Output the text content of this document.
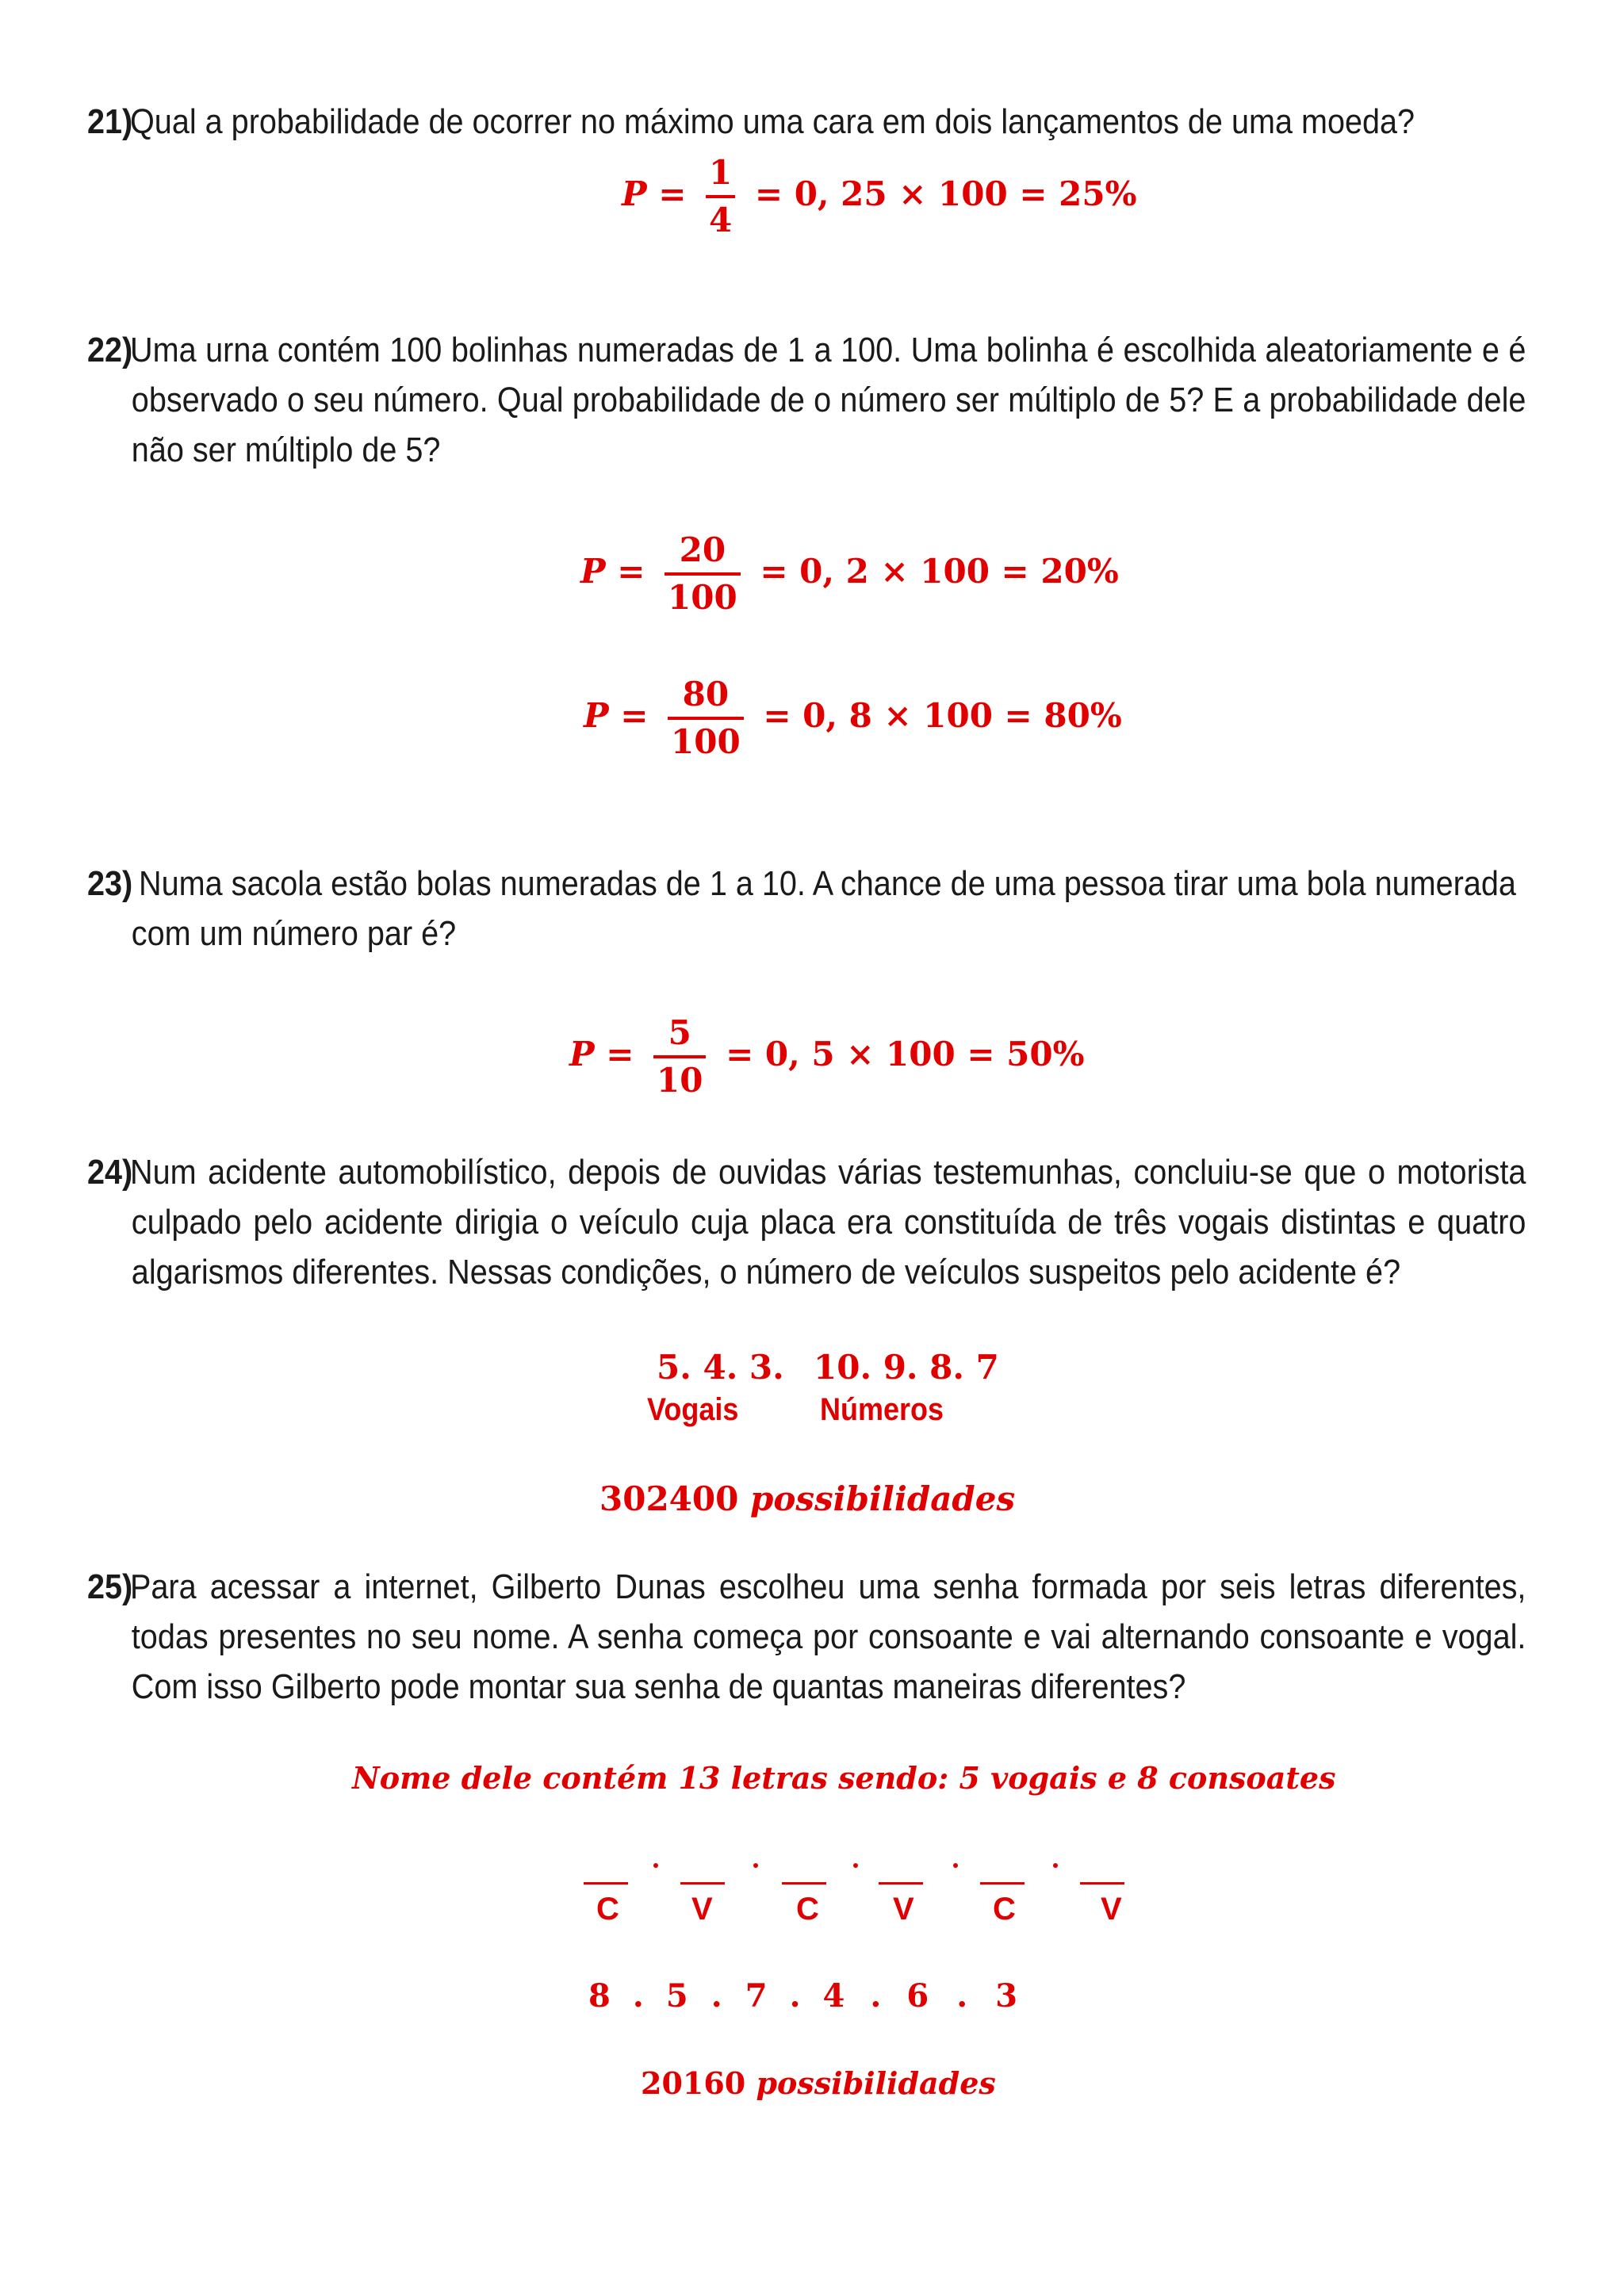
21)Qual a probabilidade de ocorrer no máximo uma cara em dois lançamentos de uma moeda?
$P = \frac{1}{4} = 0$, 25 × 100 = 25%
22)Uma urna contém 100 bolinhas numeradas de 1 a 100. Uma bolinha é escolhida aleatoriamente e é
observado o seu número. Qual probabilidade de o número ser múltiplo de 5? E a probabilidade dele
não ser múltiplo de 5?
$P = \frac{20}{100} = 0$, 2 × 100 = 20%
$P = \frac{80}{100} = 0$, 8 × 100 = 80%
23) Numa sacola estão bolas numeradas de 1 a 10. A chance de uma pessoa tirar uma bola numerada
com um número par é?
$P = \frac{5}{10} = 0$, 5 × 100 = 50%
24)Num acidente automobilístico, depois de ouvidas várias testemunhas, concluiu-se que o motorista
culpado pelo acidente dirigia o veículo cuja placa era constituída de três vogais distintas e quatro
algarismos diferentes. Nessas condições, o número de veículos suspeitos pelo acidente é?
5. 4. 3. 10. 9. 8. 7
Vogais	Números
302400 possibilidades
25)Para acessar a internet, Gilberto Dunas escolheu uma senha formada por seis letras diferentes,
todas presentes no seu nome. A senha começa por consoante e vai alternando consoante e vogal.
Com isso Gilberto pode montar sua senha de quantas maneiras diferentes?
Nome dele contém 13 letras sendo: 5 vogais e 8 consoates
C V	C V C	V
8 . 5 . 7 . 4 . 6 . 3
20160 possibilidades
